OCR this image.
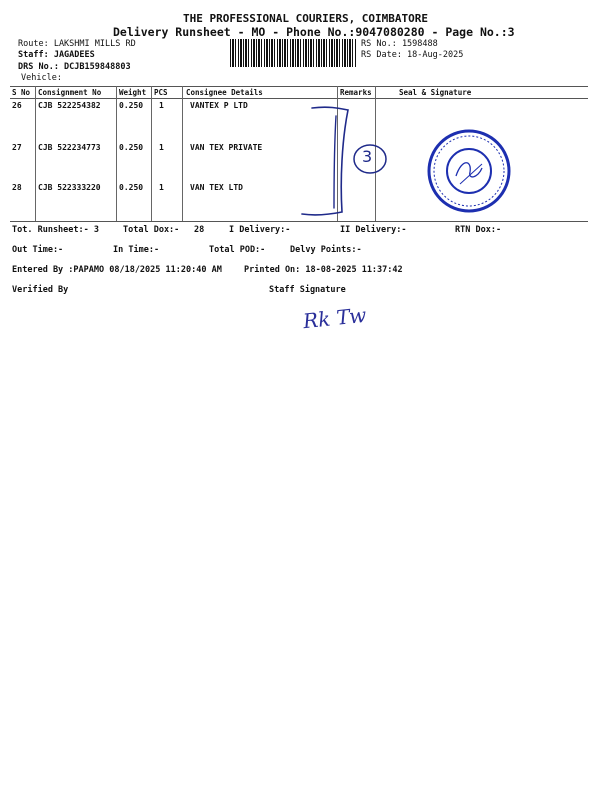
THE PROFESSIONAL COURIERS, COIMBATORE
Delivery Runsheet - MO - Phone No.:9047080280 - Page No.:3
Route: LAKSHMI MILLS RD
Staff: JAGADEES
DRS No.: DCJB159848803
Vehicle:
RS No.: 1598488
RS Date: 18-Aug-2025
S No Consignment No Weight PCS Consignee Details	Remarks	Seal & Signature
26 CJB 522254382 0.250 1	VANTEX P LTD
27 CJB 522234773 0.250 1	VAN TEX PRIVATE
28 CJB 522333220 0.250 1	VAN TEX LTD
3
Tot. Runsheet:- 3	Total Dox:- 28	I Delivery:-	II Delivery:-	RTN Dox:-
Out Time:-	In Time:-	Total POD:-	Delvy Points:-
Entered By :PAPAMO 08/18/2025 11:20:40 AM	Printed On: 18-08-2025 11:37:42
Verified By	Staff Signature
Rk Tw
